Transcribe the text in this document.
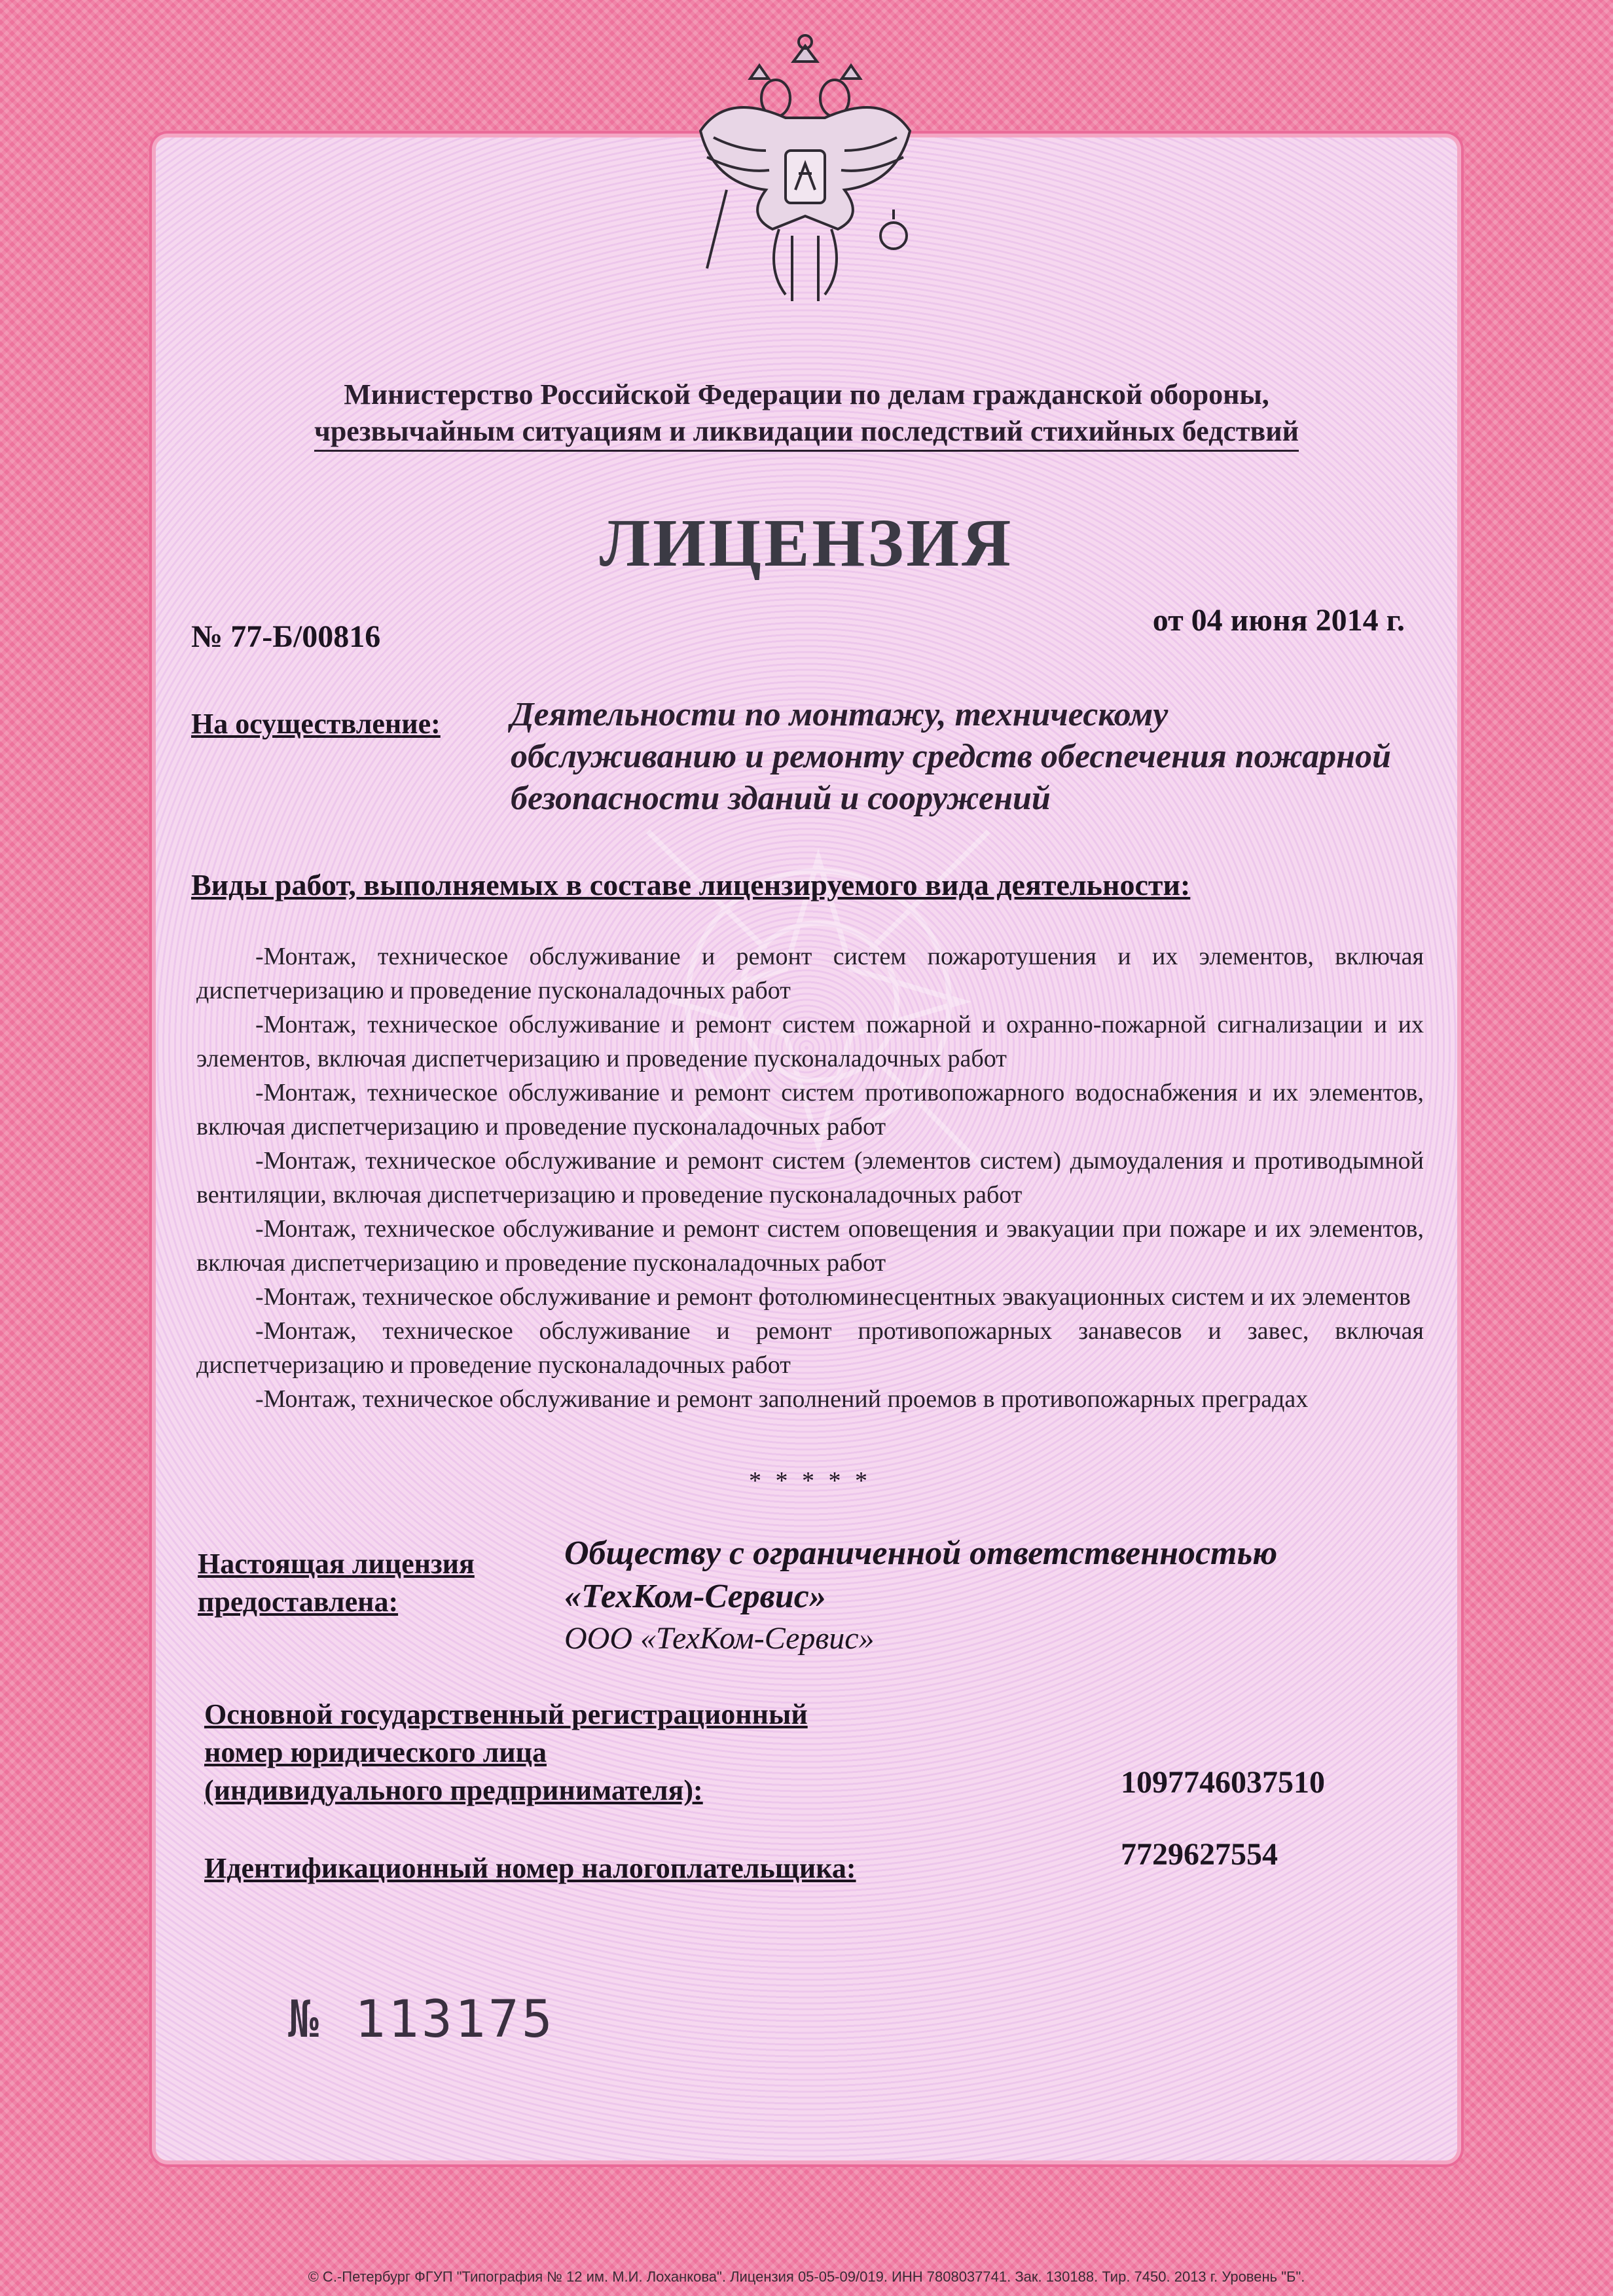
Министерство Российской Федерации по делам гражданской обороны,
чрезвычайным ситуациям и ликвидации последствий стихийных бедствий
ЛИЦЕНЗИЯ
№ 77-Б/00816	от 04 июня 2014 г.
На осуществление: Деятельности по монтажу, техническому обслуживанию и ремонту средств обеспечения пожарной безопасности зданий и сооружений
Виды работ, выполняемых в составе лицензируемого вида деятельности:

-Монтаж, техническое обслуживание и ремонт систем пожаротушения и их элементов, включая диспетчеризацию и проведение пусконаладочных работ

-Монтаж, техническое обслуживание и ремонт систем пожарной и охранно-пожарной сигнализации и их элементов, включая диспетчеризацию и проведение пусконаладочных работ

-Монтаж, техническое обслуживание и ремонт систем противопожарного водоснабжения и их элементов, включая диспетчеризацию и проведение пусконаладочных работ

-Монтаж, техническое обслуживание и ремонт систем (элементов систем) дымоудаления и противодымной вентиляции, включая диспетчеризацию и проведение пусконаладочных работ

-Монтаж, техническое обслуживание и ремонт систем оповещения и эвакуации при пожаре и их элементов, включая диспетчеризацию и проведение пусконаладочных работ

-Монтаж, техническое обслуживание и ремонт фотолюминесцентных эвакуационных систем и их элементов

-Монтаж, техническое обслуживание и ремонт противопожарных занавесов и завес, включая диспетчеризацию и проведение пусконаладочных работ

-Монтаж, техническое обслуживание и ремонт заполнений проемов в противопожарных преградах

* * * * *
Настоящая лицензия
предоставлена:
Обществу с ограниченной ответственностью
«ТехКом-Сервис»
ООО «ТехКом-Сервис»
Основной государственный регистрационный
номер юридического лица
(индивидуального предпринимателя):	1097746037510
Идентификационный номер налогоплательщика:	7729627554
№ 113175
© С.-Петербург ФГУП "Типография № 12 им. М.И. Лоханкова". Лицензия 05-05-09/019. ИНН 7808037741. Зак. 130188. Тир. 7450. 2013 г. Уровень "Б".
